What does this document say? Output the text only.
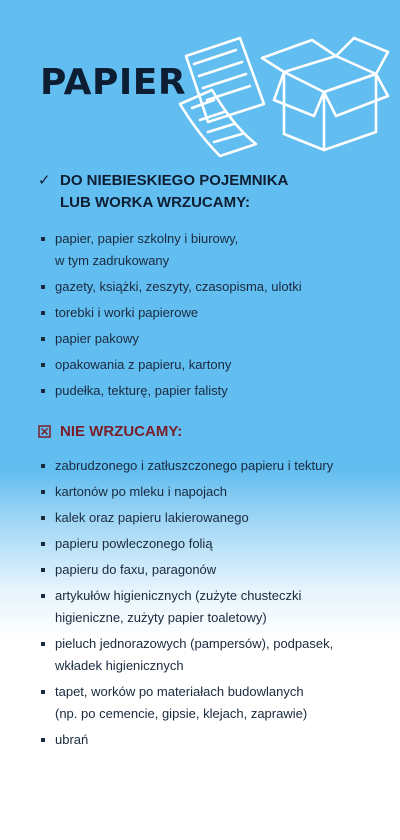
PAPIER
✓ DO NIEBIESKIEGO POJEMNIKA
LUB WORKA WRZUCAMY:
papier, papier szkolny i biurowy,
w tym zadrukowany
gazety, książki, zeszyty, czasopisma, ulotki
torebki i worki papierowe
papier pakowy
opakowania z papieru, kartony
pudełka, tekturę, papier falisty
NIE WRZUCAMY:
zabrudzonego i zatłuszczonego papieru i tektury
kartonów po mleku i napojach
kalek oraz papieru lakierowanego
papieru powleczonego folią
papieru do faxu, paragonów
artykułów higienicznych (zużyte chusteczki
higieniczne, zużyty papier toaletowy)
pieluch jednorazowych (pampersów), podpasek,
wkładek higienicznych
tapet, worków po materiałach budowlanych
(np. po cemencie, gipsie, klejach, zaprawie)
ubrań
